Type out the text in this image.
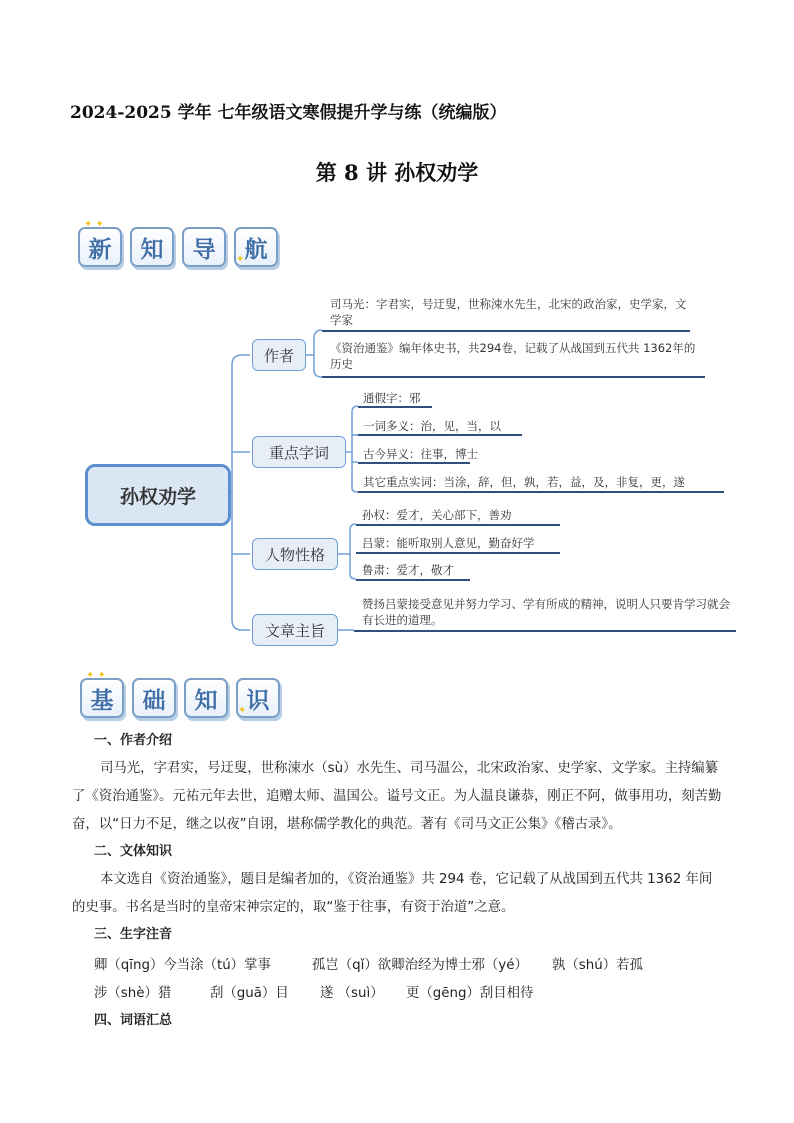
2024-2025 学年 七年级语文寒假提升学与练（统编版）
第 8 讲 孙权劝学
新	知	导	航
✦ ✦
✦
孙权劝学
作者
重点字词
人物性格
文章主旨
司马光：字君实，号迂叟，世称涑水先生，北宋的政治家，史学家，文学家
《资治通鉴》编年体史书，共294卷，记载了从战国到五代共 1362年的历史
通假字：邪
一词多义：治，见，当，以
古今异义：往事，博士
其它重点实词：当涂，辞，但，孰，若，益，及，非复，更，遂
孙权：爱才，关心部下，善劝
吕蒙：能听取别人意见，勤奋好学
鲁肃：爱才，敬才
赞扬吕蒙接受意见并努力学习、学有所成的精神，说明人只要肯学习就会有长进的道理。
基	础	知	识
✦ ✦
✦
一、作者介绍
司马光，字君实，号迂叟，世称涑水（sù）水先生、司马温公，北宋政治家、史学家、文学家。主持编纂了《资治通鉴》。元祐元年去世，追赠太师、温国公。谥号文正。为人温良谦恭，刚正不阿，做事用功，刻苦勤奋，以“日力不足，继之以夜”自诩，堪称儒学教化的典范。著有《司马文正公集》《稽古录》。
二、文体知识
本文选自《资治通鉴》，题目是编者加的，《资治通鉴》共 294 卷，它记载了从战国到五代共 1362 年间的史事。书名是当时的皇帝宋神宗定的，取“鉴于往事，有资于治道”之意。
三、生字注音
卿（qīng）今当涂（tú）掌事	孤岂（qǐ）欲卿治经为博士邪（yé） 孰（shú）若孤
涉（shè）猎	刮（guā）目 遂 （suì） 更（gēng）刮目相待
四、词语汇总
